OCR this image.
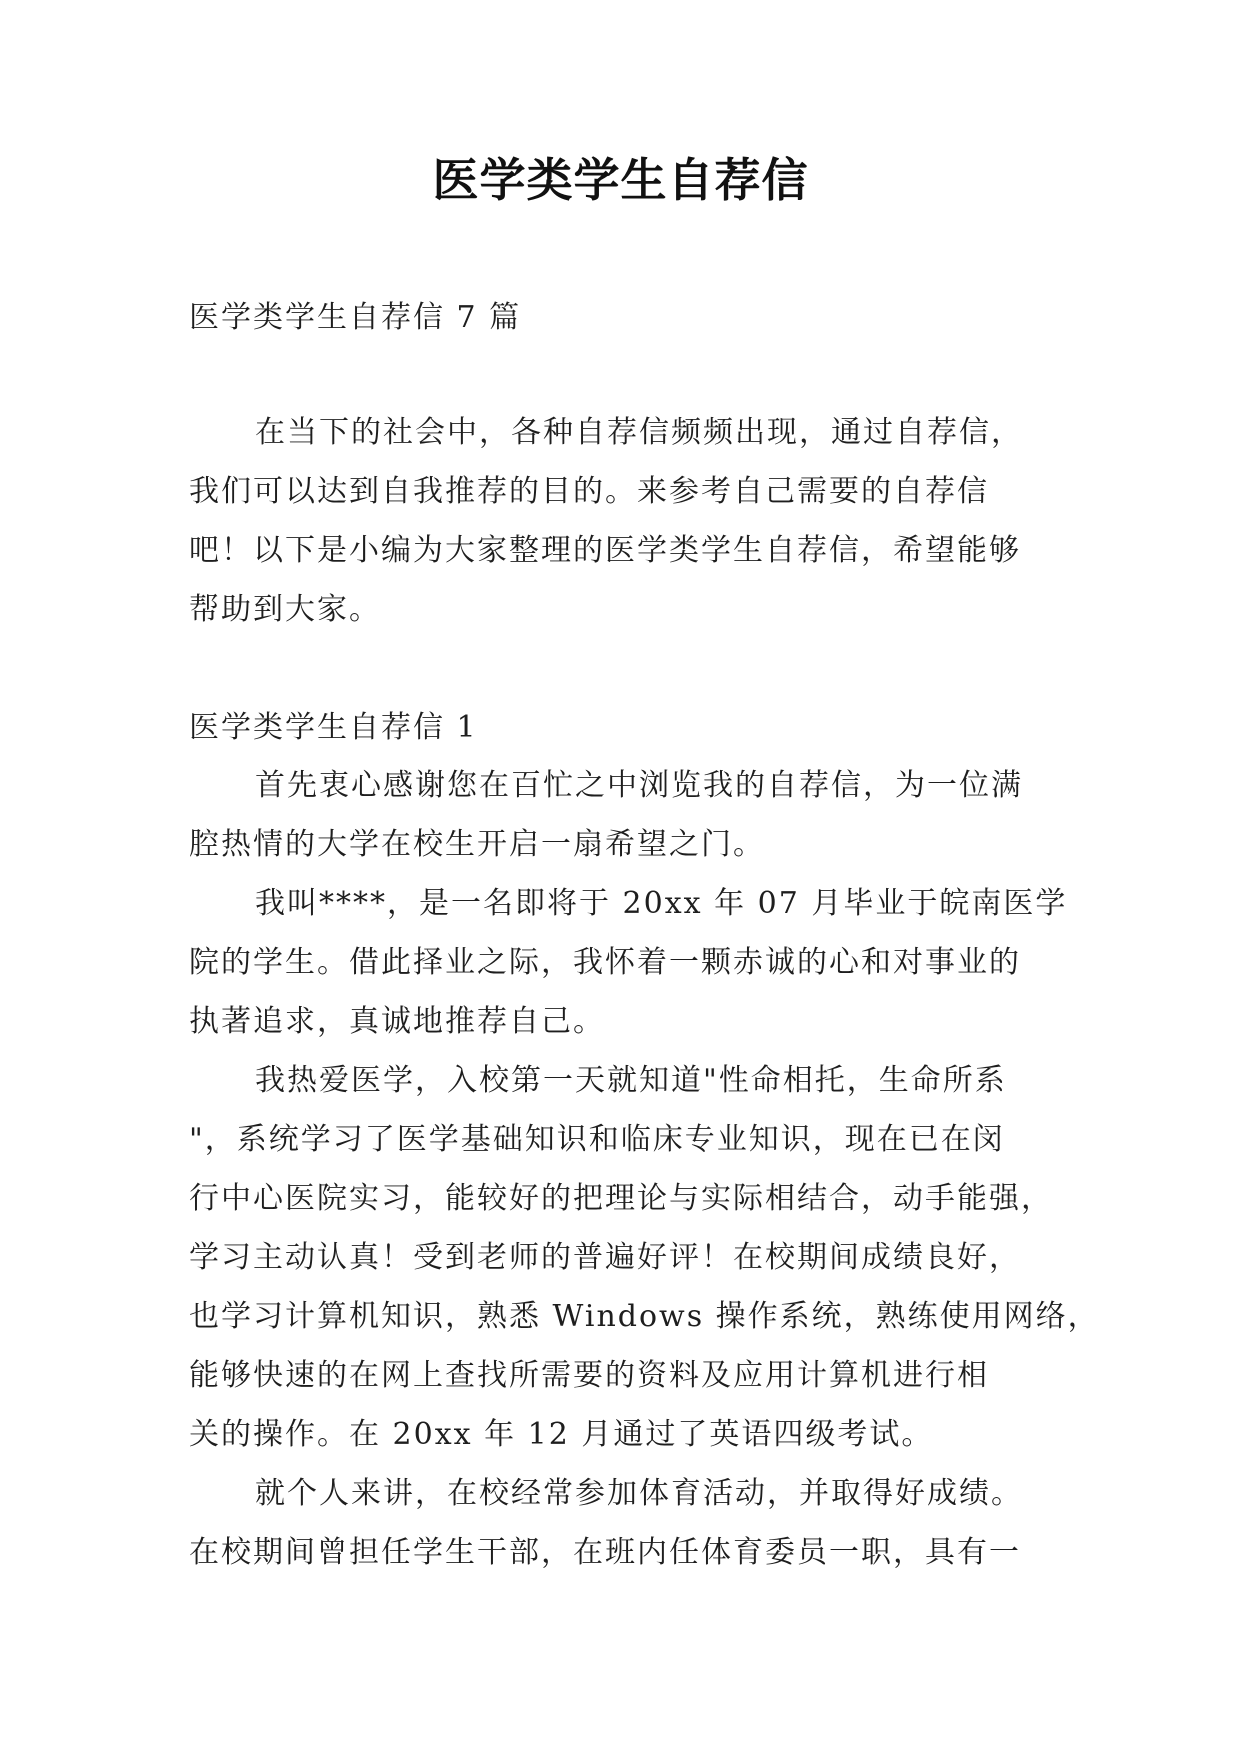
医学类学生自荐信
医学类学生自荐信 7 篇
在当下的社会中，各种自荐信频频出现，通过自荐信，
我们可以达到自我推荐的目的。来参考自己需要的自荐信
吧！以下是小编为大家整理的医学类学生自荐信，希望能够
帮助到大家。
医学类学生自荐信 1
首先衷心感谢您在百忙之中浏览我的自荐信，为一位满
腔热情的大学在校生开启一扇希望之门。
我叫****，是一名即将于 20xx 年 07 月毕业于皖南医学
院的学生。借此择业之际，我怀着一颗赤诚的心和对事业的
执著追求，真诚地推荐自己。
我热爱医学，入校第一天就知道"性命相托，生命所系
"，系统学习了医学基础知识和临床专业知识，现在已在闵
行中心医院实习，能较好的把理论与实际相结合，动手能强，
学习主动认真！受到老师的普遍好评！在校期间成绩良好，
也学习计算机知识，熟悉 Windows 操作系统，熟练使用网络，
能够快速的在网上查找所需要的资料及应用计算机进行相
关的操作。在 20xx 年 12 月通过了英语四级考试。
就个人来讲，在校经常参加体育活动，并取得好成绩。
在校期间曾担任学生干部，在班内任体育委员一职，具有一
